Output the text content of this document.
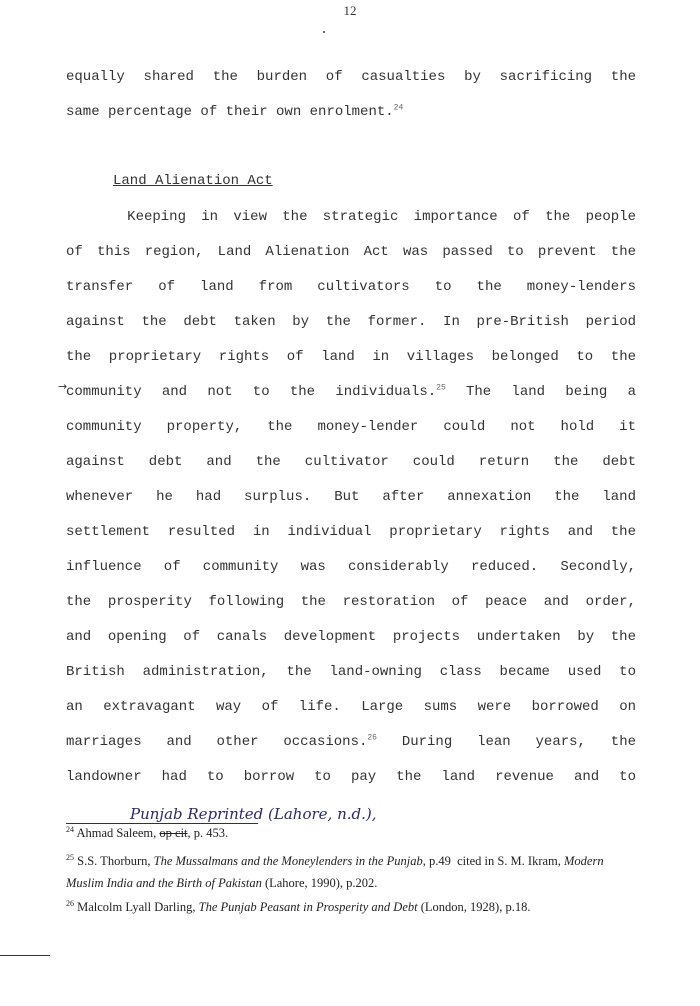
12
equally shared the burden of casualties by sacrificing the
same percentage of their own enrolment.$^{24}$
Keeping in view the strategic importance of the people
of this region, Land Alienation Act was passed to prevent the
transfer of land from cultivators to the money-lenders
against the debt taken by the former. In pre-British period
the proprietary rights of land in villages belonged to the
community and not to the individuals.$^{25}$ The land being a
community property, the money-lender could not hold it
against debt and the cultivator could return the debt
whenever he had surplus. But after annexation the land
settlement resulted in individual proprietary rights and the
influence of community was considerably reduced. Secondly,
the prosperity following the restoration of peace and order,
and opening of canals development projects undertaken by the
British administration, the land-owning class became used to
an extravagant way of life. Large sums were borrowed on
marriages and other occasions.$^{26}$ During lean years, the
landowner had to borrow to pay the land revenue and to
Land Alienation Act
→
Punjab Reprinted (Lahore, n.d.),
$^{24}$ Ahmad Saleem, op cit, p. 453.
$^{25}$ S.S. Thorburn, The Mussalmans and the Moneylenders in the Punjab, p.49  cited in S. M. Ikram, Modern
Muslim India and the Birth of Pakistan (Lahore, 1990), p.202.
$^{26}$ Malcolm Lyall Darling, The Punjab Peasant in Prosperity and Debt (London, 1928), p.18.
